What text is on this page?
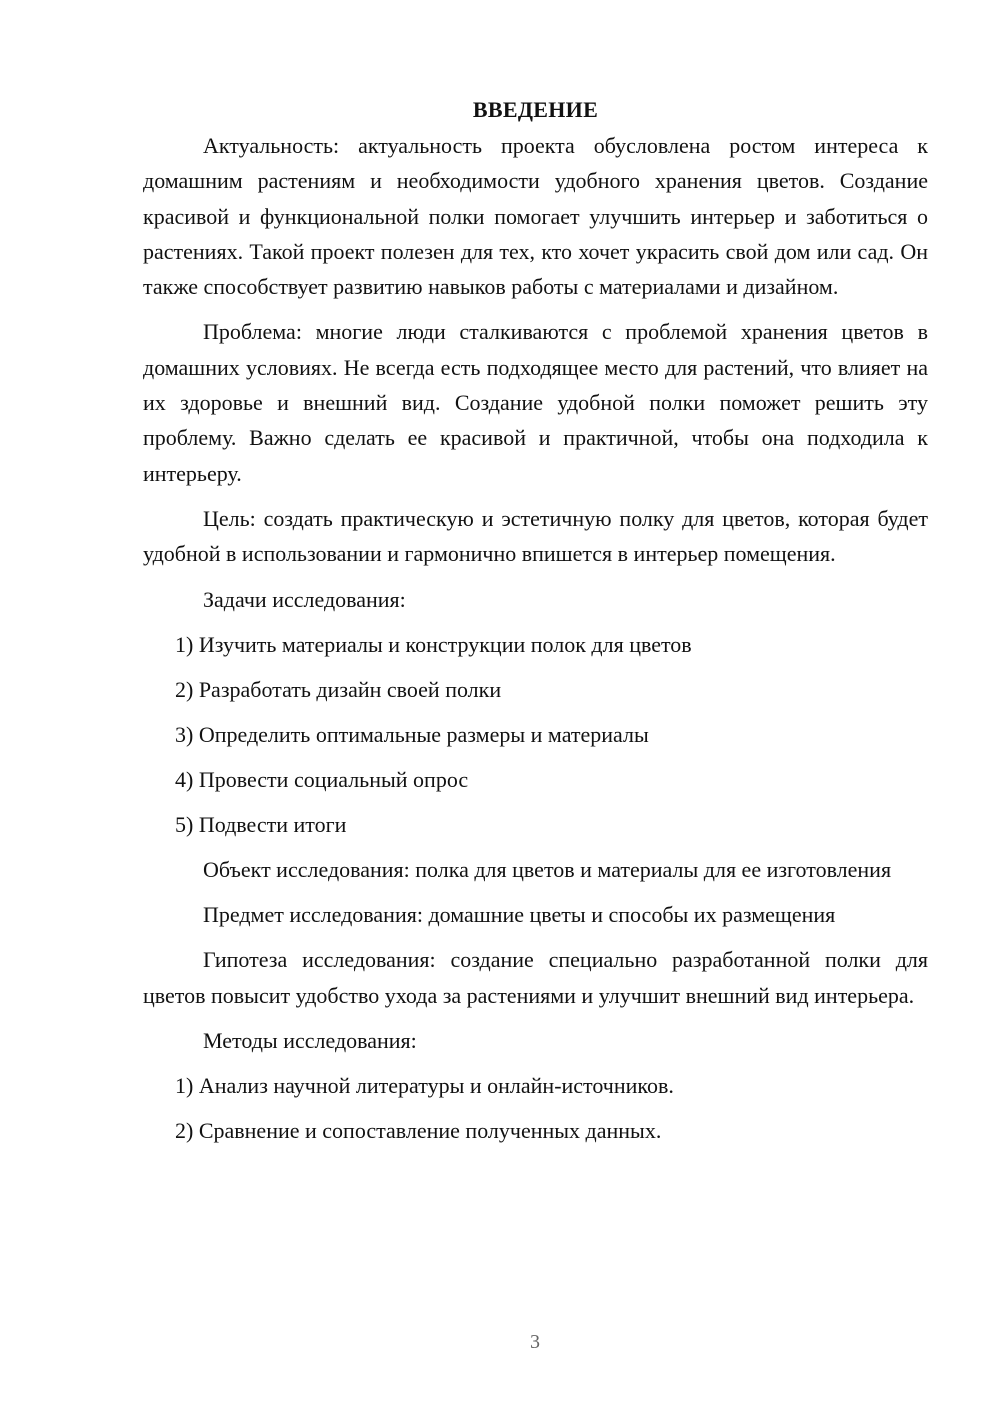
ВВЕДЕНИЕ

Актуальность: актуальность проекта обусловлена ростом интереса к домашним растениям и необходимости удобного хранения цветов. Создание красивой и функциональной полки помогает улучшить интерьер и заботиться о растениях. Такой проект полезен для тех, кто хочет украсить свой дом или сад. Он также способствует развитию навыков работы с материалами и дизайном.

Проблема: многие люди сталкиваются с проблемой хранения цветов в домашних условиях. Не всегда есть подходящее место для растений, что влияет на их здоровье и внешний вид. Создание удобной полки поможет решить эту проблему. Важно сделать ее красивой и практичной, чтобы она подходила к интерьеру.

Цель: создать практическую и эстетичную полку для цветов, которая будет удобной в использовании и гармонично впишется в интерьер помещения.

Задачи исследования:

1) Изучить материалы и конструкции полок для цветов
2) Разработать дизайн своей полки
3) Определить оптимальные размеры и материалы
4) Провести социальный опрос
5) Подвести итоги

Объект исследования: полка для цветов и материалы для ее изготовления

Предмет исследования: домашние цветы и способы их размещения

Гипотеза исследования: создание специально разработанной полки для цветов повысит удобство ухода за растениями и улучшит внешний вид интерьера.

Методы исследования:

1) Анализ научной литературы и онлайн-источников.
2) Сравнение и сопоставление полученных данных.
3
